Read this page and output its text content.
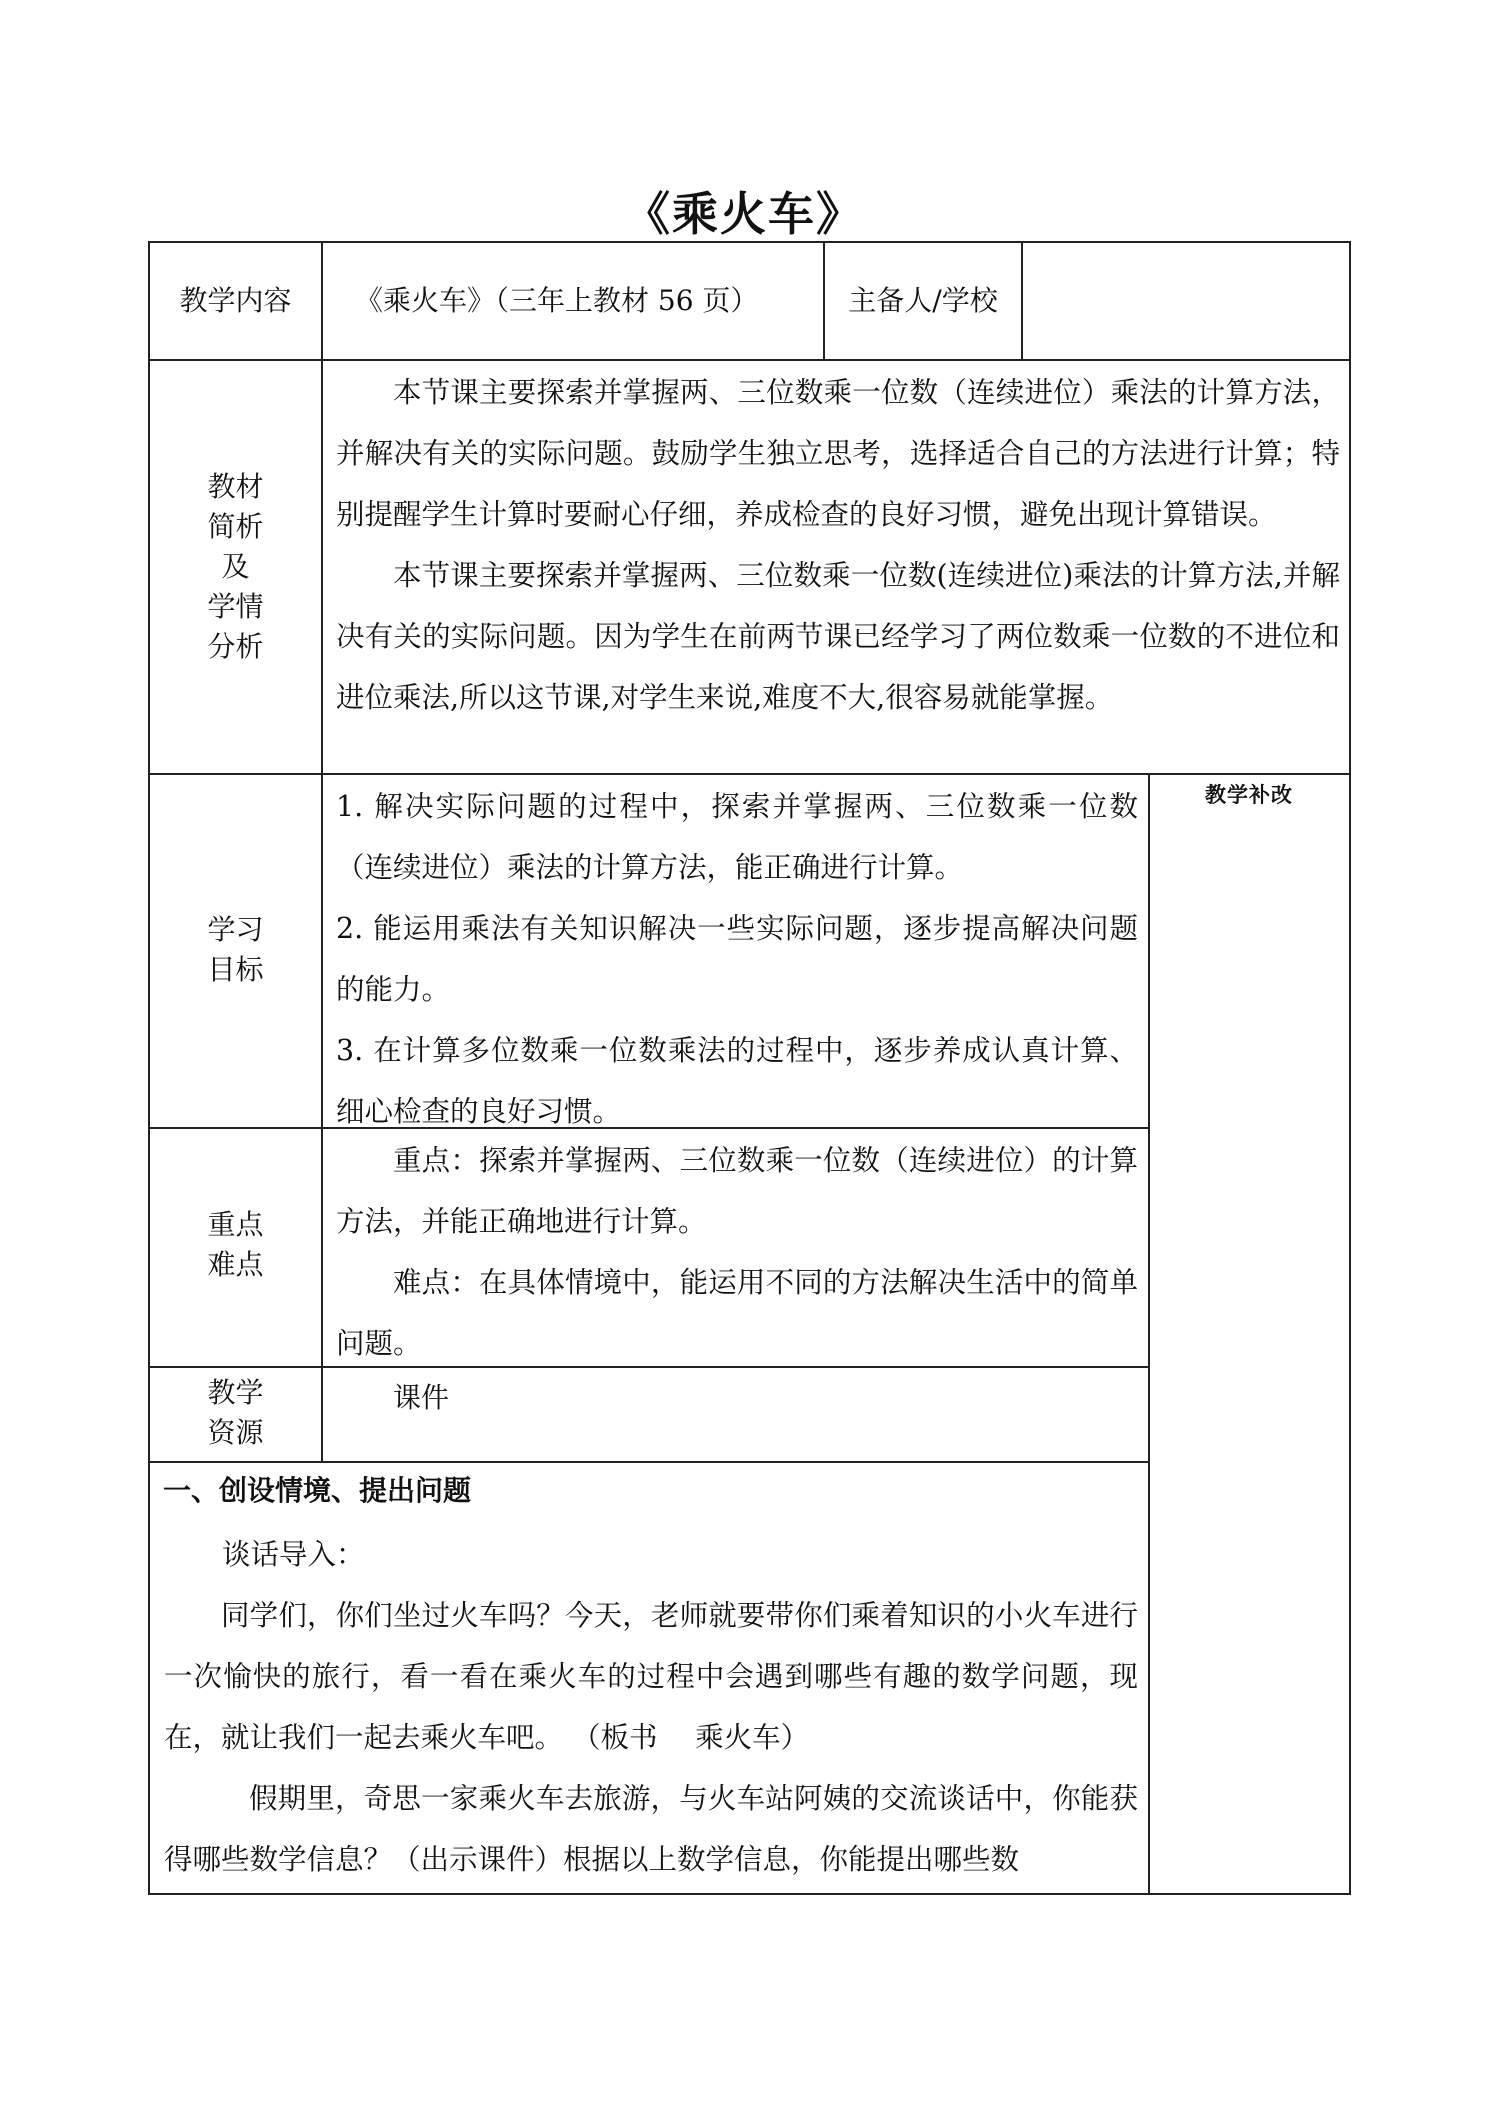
《乘火车》
教学内容	《乘火车》（三年上教材 56 页）	主备人/学校
教材
简析
及
学情
分析

本节课主要探索并掌握两、三位数乘一位数（连续进位）乘法的计算方法，并解决有关的实际问题。鼓励学生独立思考，选择适合自己的方法进行计算；特别提醒学生计算时要耐心仔细，养成检查的良好习惯，避免出现计算错误。

本节课主要探索并掌握两、三位数乘一位数(连续进位)乘法的计算方法,并解决有关的实际问题。因为学生在前两节课已经学习了两位数乘一位数的不进位和进位乘法,所以这节课,对学生来说,难度不大,很容易就能掌握。

学习
目标

1. 解决实际问题的过程中，探索并掌握两、三位数乘一位数（连续进位）乘法的计算方法，能正确进行计算。

2. 能运用乘法有关知识解决一些实际问题，逐步提高解决问题 的能力。

3. 在计算多位数乘一位数乘法的过程中，逐步养成认真计算、细心检查的良好习惯。

教学补改
重点
难点

重点：探索并掌握两、三位数乘一位数（连续进位）的计算方法，并能正确地进行计算。

难点：在具体情境中，能运用不同的方法解决生活中的简单问题。

教学
资源
课件
一、创设情境、提出问题
谈话导入：

同学们，你们坐过火车吗？今天，老师就要带你们乘着知识的小火车进行一次愉快的旅行，看一看在乘火车的过程中会遇到哪些有趣的数学问题，现在，就让我们一起去乘火车吧。 （板书　 乘火车）

假期里，奇思一家乘火车去旅游，与火车站阿姨的交流谈话中，你能获得哪些数学信息？（出示课件）根据以上数学信息，你能提出哪些数
